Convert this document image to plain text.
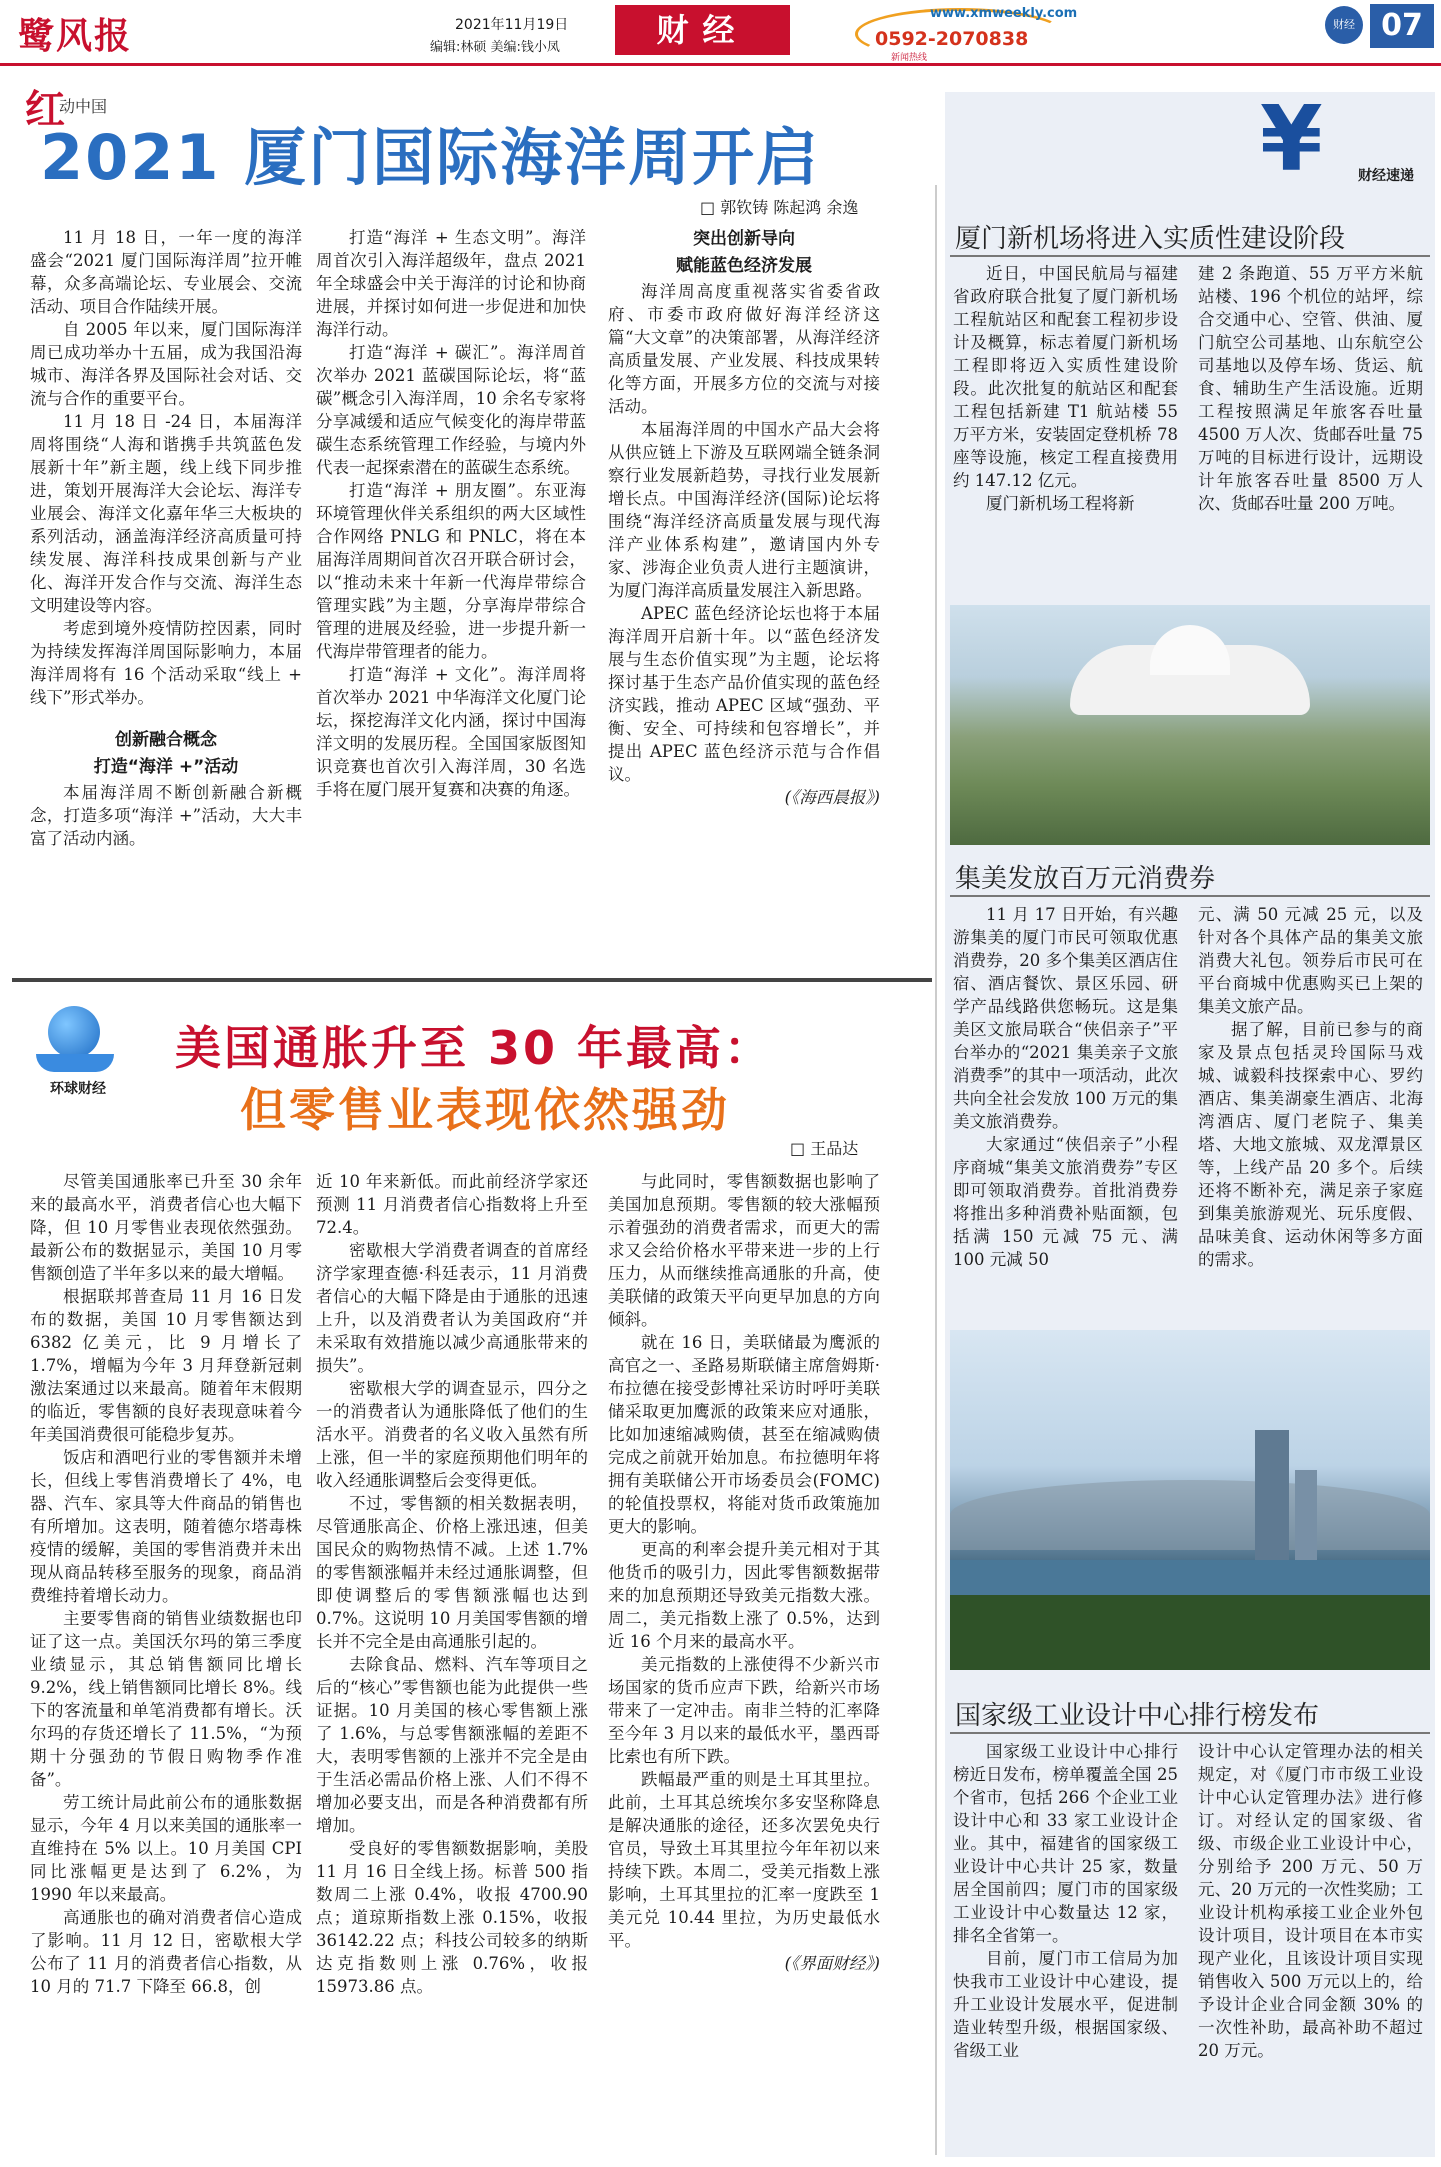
鹭风报	2021年11月19日
编辑:林硕 美编:钱小凤	财经	www.xmweekly.com
0592-2070838
新闻热线
财经 07
红
动中国
2021 厦门国际海洋周开启
□ 郭钦铸 陈起鸿 余逸

11 月 18 日，一年一度的海洋盛会“2021 厦门国际海洋周”拉开帷幕，众多高端论坛、专业展会、交流活动、项目合作陆续开展。

自 2005 年以来，厦门国际海洋周已成功举办十五届，成为我国沿海城市、海洋各界及国际社会对话、交流与合作的重要平台。

11 月 18 日 -24 日，本届海洋周将围绕“人海和谐携手共筑蓝色发展新十年”新主题，线上线下同步推进，策划开展海洋大会论坛、海洋专业展会、海洋文化嘉年华三大板块的系列活动，涵盖海洋经济高质量可持续发展、海洋科技成果创新与产业化、海洋开发合作与交流、海洋生态文明建设等内容。

考虑到境外疫情防控因素，同时为持续发挥海洋周国际影响力，本届海洋周将有 16 个活动采取“线上 + 线下”形式举办。

创新融合概念
打造“海洋 +”活动

本届海洋周不断创新融合新概念，打造多项“海洋 +”活动，大大丰富了活动内涵。

打造“海洋 + 生态文明”。海洋周首次引入海洋超级年，盘点 2021 年全球盛会中关于海洋的讨论和协商进展，并探讨如何进一步促进和加快海洋行动。

打造“海洋 + 碳汇”。海洋周首次举办 2021 蓝碳国际论坛，将“蓝碳”概念引入海洋周，10 余名专家将分享减缓和适应气候变化的海岸带蓝碳生态系统管理工作经验，与境内外代表一起探索潜在的蓝碳生态系统。

打造“海洋 + 朋友圈”。东亚海环境管理伙伴关系组织的两大区域性合作网络 PNLG 和 PNLC，将在本届海洋周期间首次召开联合研讨会，以“推动未来十年新一代海岸带综合管理实践”为主题，分享海岸带综合管理的进展及经验，进一步提升新一代海岸带管理者的能力。

打造“海洋 + 文化”。海洋周将首次举办 2021 中华海洋文化厦门论坛，探挖海洋文化内涵，探讨中国海洋文明的发展历程。全国国家版图知识竞赛也首次引入海洋周，30 名选手将在厦门展开复赛和决赛的角逐。

突出创新导向
赋能蓝色经济发展

海洋周高度重视落实省委省政府、市委市政府做好海洋经济这篇“大文章”的决策部署，从海洋经济高质量发展、产业发展、科技成果转化等方面，开展多方位的交流与对接活动。

本届海洋周的中国水产品大会将从供应链上下游及互联网端全链条洞察行业发展新趋势，寻找行业发展新增长点。中国海洋经济(国际)论坛将围绕“海洋经济高质量发展与现代海洋产业体系构建”，邀请国内外专家、涉海企业负责人进行主题演讲，为厦门海洋高质量发展注入新思路。

APEC 蓝色经济论坛也将于本届海洋周开启新十年。以“蓝色经济发展与生态价值实现”为主题，论坛将探讨基于生态产品价值实现的蓝色经济实践，推动 APEC 区域“强劲、平衡、安全、可持续和包容增长”，并提出 APEC 蓝色经济示范与合作倡议。

(《海西晨报》)
环球财经
美国通胀升至 30 年最高：
但零售业表现依然强劲
□ 王品达

尽管美国通胀率已升至 30 余年来的最高水平，消费者信心也大幅下降，但 10 月零售业表现依然强劲。最新公布的数据显示，美国 10 月零售额创造了半年多以来的最大增幅。

根据联邦普查局 11 月 16 日发布的数据，美国 10 月零售额达到 6382 亿美元，比 9 月增长了 1.7%，增幅为今年 3 月拜登新冠刺激法案通过以来最高。随着年末假期的临近，零售额的良好表现意味着今年美国消费很可能稳步复苏。

饭店和酒吧行业的零售额并未增长，但线上零售消费增长了 4%，电器、汽车、家具等大件商品的销售也有所增加。这表明，随着德尔塔毒株疫情的缓解，美国的零售消费并未出现从商品转移至服务的现象，商品消费维持着增长动力。

主要零售商的销售业绩数据也印证了这一点。美国沃尔玛的第三季度业绩显示，其总销售额同比增长 9.2%，线上销售额同比增长 8%。线下的客流量和单笔消费都有增长。沃尔玛的存货还增长了 11.5%，“为预期十分强劲的节假日购物季作准备”。

劳工统计局此前公布的通胀数据显示，今年 4 月以来美国的通胀率一直维持在 5% 以上。10 月美国 CPI 同比涨幅更是达到了 6.2%，为 1990 年以来最高。

高通胀也的确对消费者信心造成了影响。11 月 12 日，密歇根大学公布了 11 月的消费者信心指数，从 10 月的 71.7 下降至 66.8，创

近 10 年来新低。而此前经济学家还预测 11 月消费者信心指数将上升至 72.4。

密歇根大学消费者调查的首席经济学家理查德·科廷表示，11 月消费者信心的大幅下降是由于通胀的迅速上升，以及消费者认为美国政府“并未采取有效措施以减少高通胀带来的损失”。

密歇根大学的调查显示，四分之一的消费者认为通胀降低了他们的生活水平。消费者的名义收入虽然有所上涨，但一半的家庭预期他们明年的收入经通胀调整后会变得更低。

不过，零售额的相关数据表明，尽管通胀高企、价格上涨迅速，但美国民众的购物热情不减。上述 1.7% 的零售额涨幅并未经过通胀调整，但即使调整后的零售额涨幅也达到 0.7%。这说明 10 月美国零售额的增长并不完全是由高通胀引起的。

去除食品、燃料、汽车等项目之后的“核心”零售额也能为此提供一些证据。10 月美国的核心零售额上涨了 1.6%，与总零售额涨幅的差距不大，表明零售额的上涨并不完全是由于生活必需品价格上涨、人们不得不增加必要支出，而是各种消费都有所增加。

受良好的零售额数据影响，美股 11 月 16 日全线上扬。标普 500 指数周二上涨 0.4%，收报 4700.90 点；道琼斯指数上涨 0.15%，收报 36142.22 点；科技公司较多的纳斯达克指数则上涨 0.76%，收报 15973.86 点。

与此同时，零售额数据也影响了美国加息预期。零售额的较大涨幅预示着强劲的消费者需求，而更大的需求又会给价格水平带来进一步的上行压力，从而继续推高通胀的升高，使美联储的政策天平向更早加息的方向倾斜。

就在 16 日，美联储最为鹰派的高官之一、圣路易斯联储主席詹姆斯·布拉德在接受彭博社采访时呼吁美联储采取更加鹰派的政策来应对通胀，比如加速缩减购债，甚至在缩减购债完成之前就开始加息。布拉德明年将拥有美联储公开市场委员会(FOMC)的轮值投票权，将能对货币政策施加更大的影响。

更高的利率会提升美元相对于其他货币的吸引力，因此零售额数据带来的加息预期还导致美元指数大涨。周二，美元指数上涨了 0.5%，达到近 16 个月来的最高水平。

美元指数的上涨使得不少新兴市场国家的货币应声下跌，给新兴市场带来了一定冲击。南非兰特的汇率降至今年 3 月以来的最低水平，墨西哥比索也有所下跌。

跌幅最严重的则是土耳其里拉。此前，土耳其总统埃尔多安坚称降息是解决通胀的途径，还多次罢免央行官员，导致土耳其里拉今年年初以来持续下跌。本周二，受美元指数上涨影响，土耳其里拉的汇率一度跌至 1 美元兑 10.44 里拉，为历史最低水平。

(《界面财经》)
¥	财经速递
厦门新机场将进入实质性建设阶段

近日，中国民航局与福建省政府联合批复了厦门新机场工程航站区和配套工程初步设计及概算，标志着厦门新机场工程即将迈入实质性建设阶段。此次批复的航站区和配套工程包括新建 T1 航站楼 55 万平方米，安装固定登机桥 78 座等设施，核定工程直接费用约 147.12 亿元。

厦门新机场工程将新

建 2 条跑道、55 万平方米航站楼、196 个机位的站坪，综合交通中心、空管、供油、厦门航空公司基地、山东航空公司基地以及停车场、货运、航食、辅助生产生活设施。近期工程按照满足年旅客吞吐量 4500 万人次、货邮吞吐量 75 万吨的目标进行设计，远期设计年旅客吞吐量 8500 万人次、货邮吞吐量 200 万吨。

集美发放百万元消费券

11 月 17 日开始，有兴趣游集美的厦门市民可领取优惠消费券，20 多个集美区酒店住宿、酒店餐饮、景区乐园、研学产品线路供您畅玩。这是集美区文旅局联合“侠侣亲子”平台举办的“2021 集美亲子文旅消费季”的其中一项活动，此次共向全社会发放 100 万元的集美文旅消费券。

大家通过“侠侣亲子”小程序商城“集美文旅消费券”专区即可领取消费券。首批消费券将推出多种消费补贴面额，包括满 150 元减 75 元、满 100 元减 50

元、满 50 元减 25 元，以及针对各个具体产品的集美文旅消费大礼包。领券后市民可在平台商城中优惠购买已上架的集美文旅产品。

据了解，目前已参与的商家及景点包括灵玲国际马戏城、诚毅科技探索中心、罗约酒店、集美湖豪生酒店、北海湾酒店、厦门老院子、集美塔、大地文旅城、双龙潭景区等，上线产品 20 多个。后续还将不断补充，满足亲子家庭到集美旅游观光、玩乐度假、品味美食、运动休闲等多方面的需求。

国家级工业设计中心排行榜发布

国家级工业设计中心排行榜近日发布，榜单覆盖全国 25 个省市，包括 266 个企业工业设计中心和 33 家工业设计企业。其中，福建省的国家级工业设计中心共计 25 家，数量居全国前四；厦门市的国家级工业设计中心数量达 12 家，排名全省第一。

目前，厦门市工信局为加快我市工业设计中心建设，提升工业设计发展水平，促进制造业转型升级，根据国家级、省级工业

设计中心认定管理办法的相关规定，对《厦门市市级工业设计中心认定管理办法》进行修订。对经认定的国家级、省级、市级企业工业设计中心，分别给予 200 万元、50 万元、20 万元的一次性奖励；工业设计机构承接工业企业外包设计项目，设计项目在本市实现产业化，且该设计项目实现销售收入 500 万元以上的，给予设计企业合同金额 30% 的一次性补助，最高补助不超过 20 万元。
